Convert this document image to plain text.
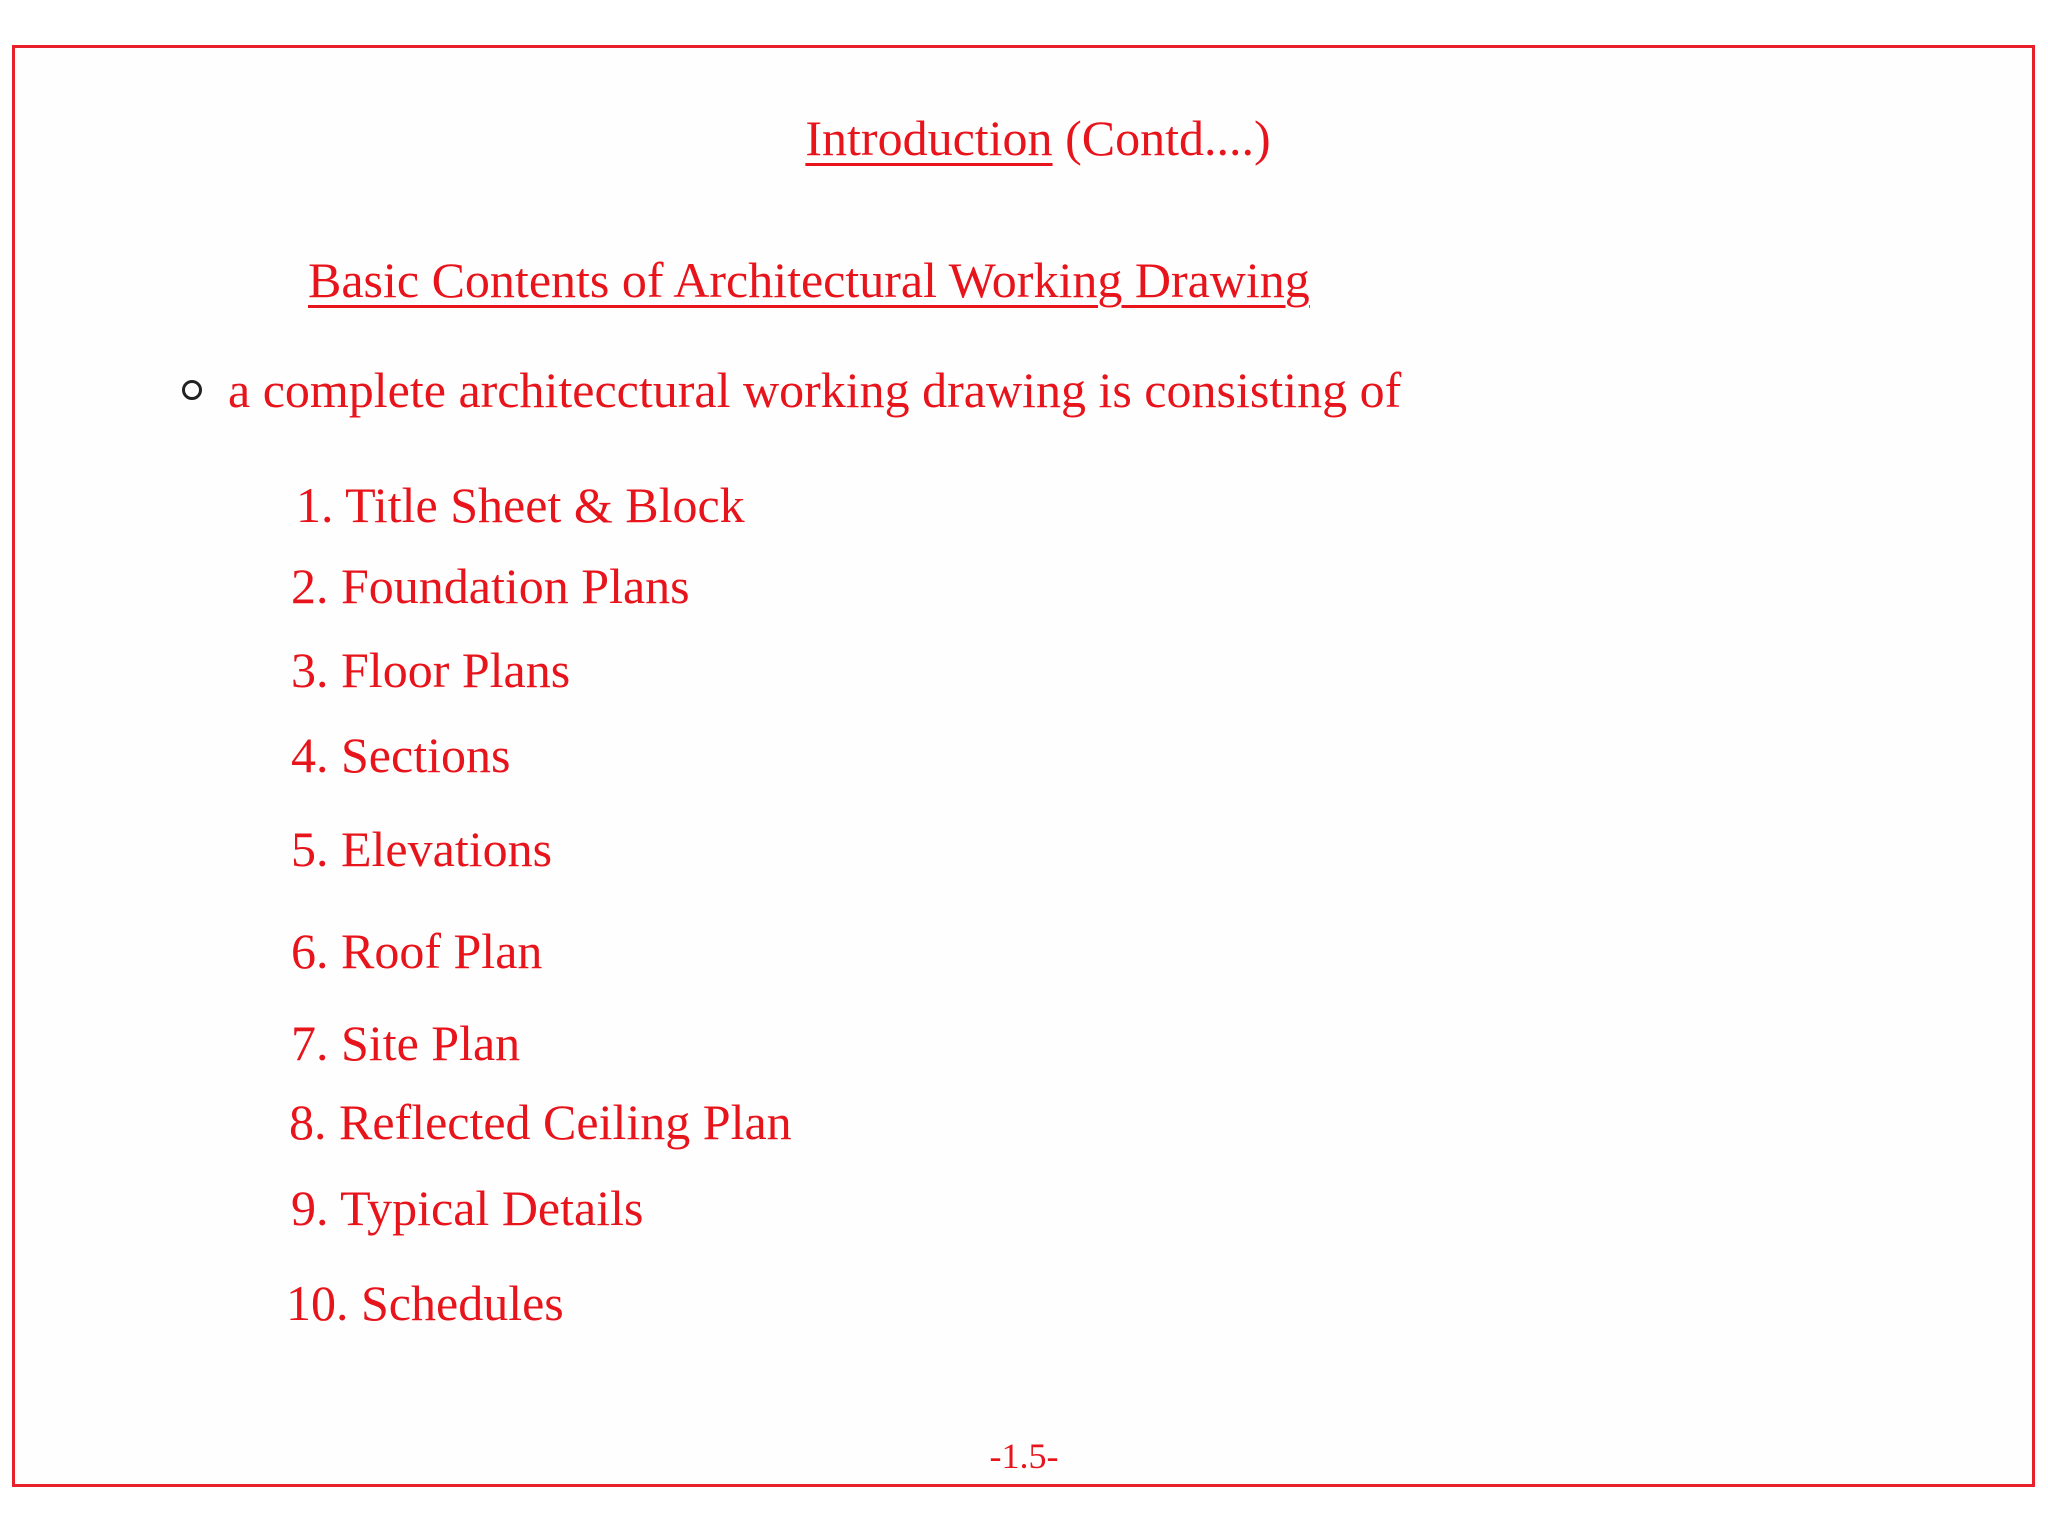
Introduction (Contd....)
Basic Contents of Architectural Working Drawing
a complete architecctural working drawing is consisting of
1. Title Sheet & Block
2. Foundation Plans
3. Floor Plans
4. Sections
5. Elevations
6. Roof Plan
7. Site Plan
8. Reflected Ceiling Plan
9. Typical Details
10. Schedules
-1.5-
